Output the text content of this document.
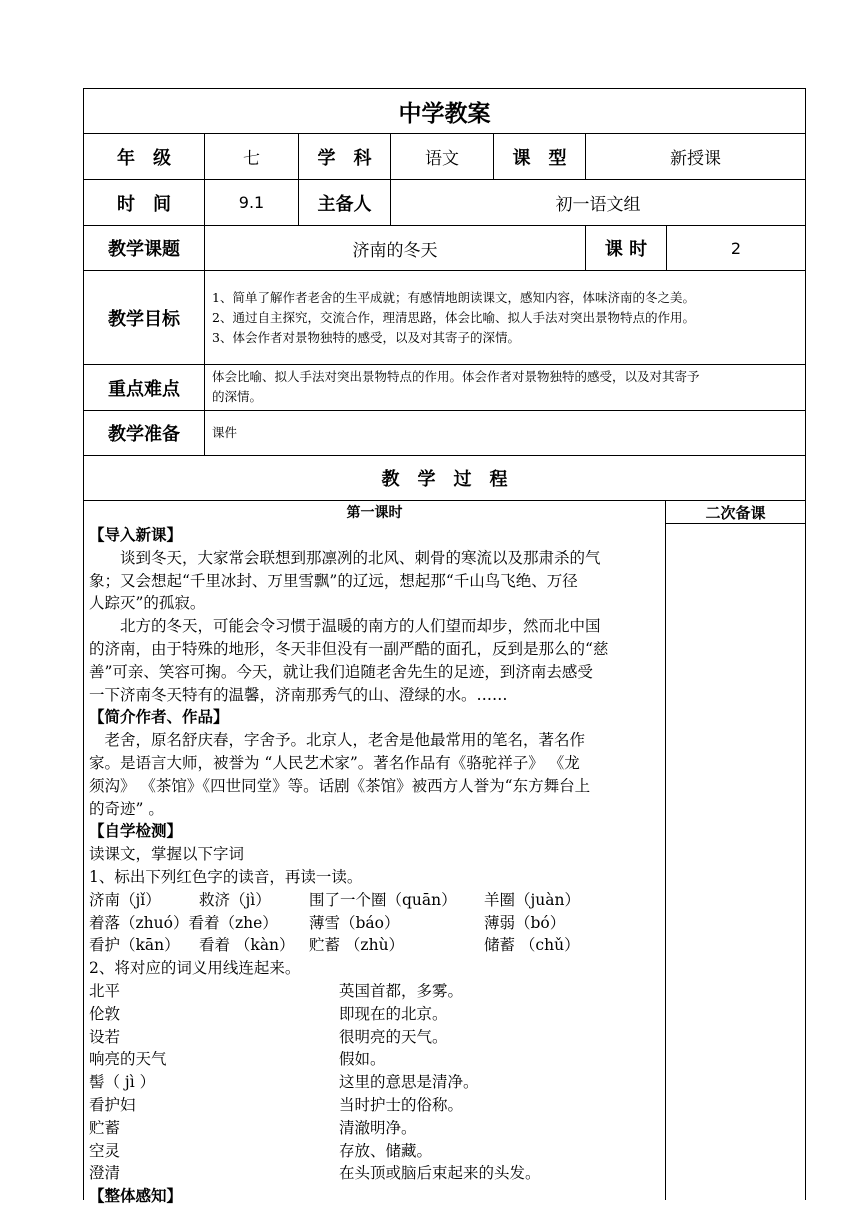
中学教案
年　级	七	学　科	语文	课　型	新授课
时　间	9.1	主备人	初一语文组
教学课题	济南的冬天	课 时	2
教学目标
1、简单了解作者老舍的生平成就；有感情地朗读课文，感知内容，体味济南的冬之美。
2、通过自主探究，交流合作，理清思路，体会比喻、拟人手法对突出景物特点的作用。
3、体会作者对景物独特的感受，以及对其寄子的深情。
重点难点
体会比喻、拟人手法对突出景物特点的作用。体会作者对景物独特的感受，以及对其寄予
的深情。
教学准备	课件
教　学　过　程
第一课时	二次备课
【导入新课】
　　谈到冬天，大家常会联想到那凛冽的北风、刺骨的寒流以及那肃杀的气
象；又会想起“千里冰封、万里雪飘”的辽远，想起那“千山鸟飞绝、万径
人踪灭”的孤寂。
　　北方的冬天，可能会令习惯于温暖的南方的人们望而却步，然而北中国
的济南，由于特殊的地形，冬天非但没有一副严酷的面孔，反到是那么的“慈
善”可亲、笑容可掬。今天，就让我们追随老舍先生的足迹，到济南去感受
一下济南冬天特有的温馨，济南那秀气的山、澄绿的水。……
【简介作者、作品】
　老舍，原名舒庆春，字舍予。北京人，老舍是他最常用的笔名，著名作
家。是语言大师，被誉为 “人民艺术家”。著名作品有《骆驼祥子》 《龙
须沟》 《茶馆》《四世同堂》等。话剧《茶馆》被西方人誉为“东方舞台上
的奇迹” 。
【自学检测】
读课文，掌握以下字词
1、标出下列红色字的读音，再读一读。
济南（jǐ）	救济（jì）	围了一个圈（quān）	羊圈（juàn）
着落（zhuó）看着（zhe）	薄雪（báo）	薄弱（bó）
看护（kān）	看着 （kàn） 贮蓄 （zhù）	储蓄 （chǔ）
2、将对应的词义用线连起来。
北平	英国首都，多雾。
伦敦	即现在的北京。
设若	很明亮的天气。
响亮的天气	假如。
髻（ jì ）	这里的意思是清净。
看护妇	当时护士的俗称。
贮蓄	清澈明净。
空灵	存放、储藏。
澄清	在头顶或脑后束起来的头发。
【整体感知】
